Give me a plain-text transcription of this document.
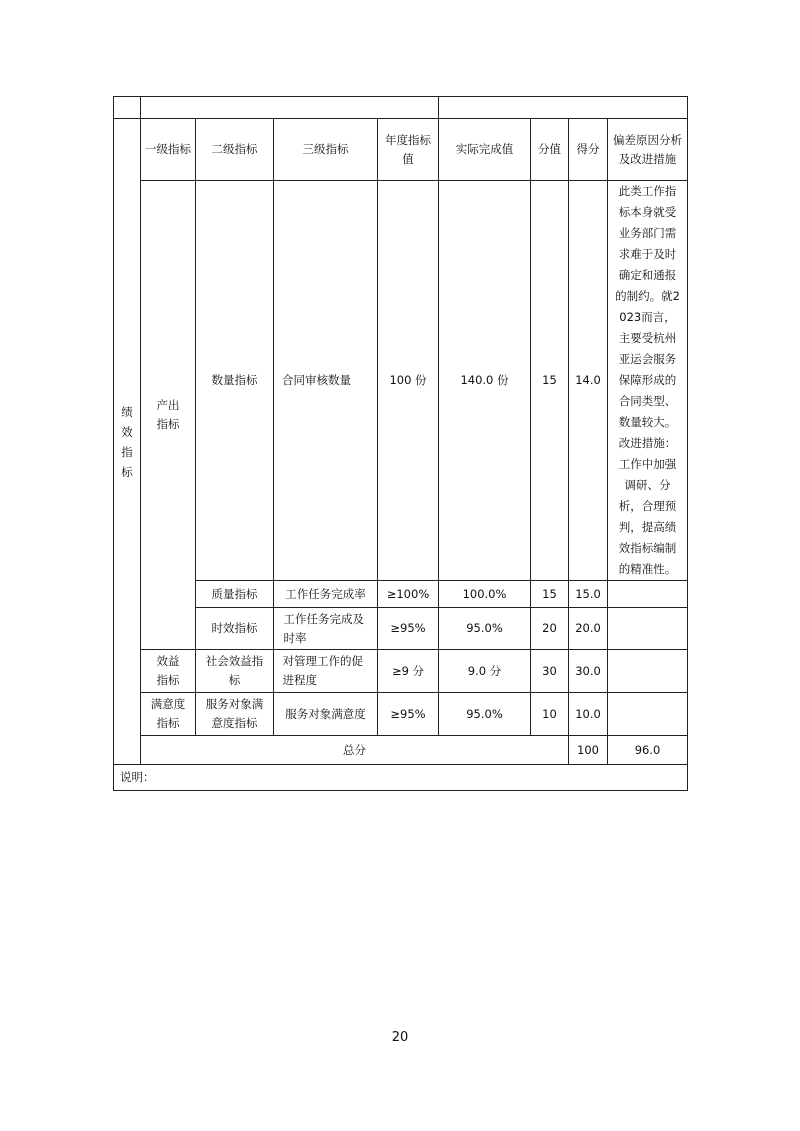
绩效指标	一级指标	二级指标	三级指标	年度指标值	实际完成值	分值	得分	偏差原因分析及改进措施	

	产出指标	数量指标	合同审核数量	100 份	140.0 份	15	14.0	此类工作指标本身就受业务部门需求难于及时确定和通报的制约。就2023而言，主要受杭州亚运会服务保障形成的合同类型、数量较大。改进措施：工作中加强调研、分析，合理预判，提高绩效指标编制的精准性。	

		质量指标	工作任务完成率	≥100%	100.0%	15	15.0		
		时效指标	工作任务完成及时率	≥95%	95.0%	20	20.0		

	效益指标	社会效益指标	对管理工作的促进程度	≥9 分	9.0 分	30	30.0		

	满意度指标	服务对象满意度指标	服务对象满意度	≥95%	95.0%	10	10.0		
	总分						100	96.0	
说明：									
20
